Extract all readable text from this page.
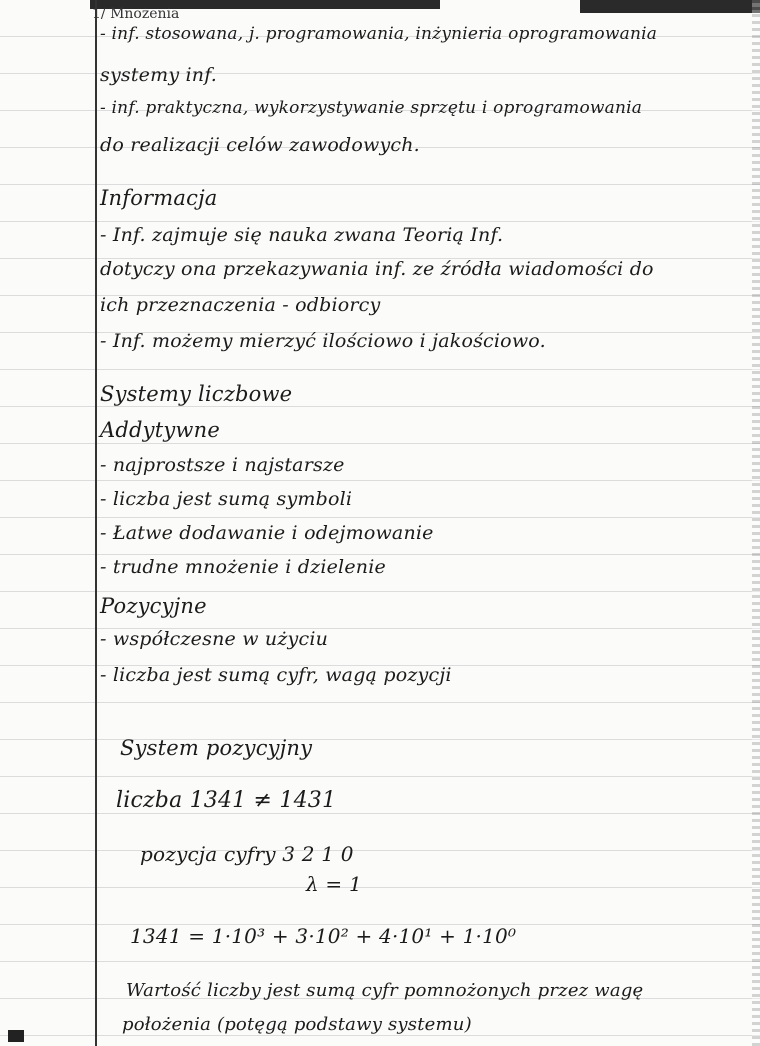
1/ Mnożenia
- inf. stosowana, j. programowania, inżynieria oprogramowania
systemy inf.
- inf. praktyczna, wykorzystywanie sprzętu i oprogramowania
do realizacji celów zawodowych.
Informacja
- Inf. zajmuje się nauka zwana Teorią Inf.
dotyczy ona przekazywania inf. ze źródła wiadomości do
ich przeznaczenia - odbiorcy
- Inf. możemy mierzyć ilościowo i jakościowo.
Systemy liczbowe
Addytywne
- najprostsze i najstarsze
- liczba jest sumą symboli
- Łatwe dodawanie i odejmowanie
- trudne mnożenie i dzielenie
Pozycyjne
- współczesne w użyciu
- liczba jest sumą cyfr, wagą pozycji
System pozycyjny
liczba 1341 ≠ 1431
pozycja cyfry 3 2 1 0
λ = 1
1341 = 1·10³ + 3·10² + 4·10¹ + 1·10⁰
Wartość liczby jest sumą cyfr pomnożonych przez wagę
położenia (potęgą podstawy systemu)
